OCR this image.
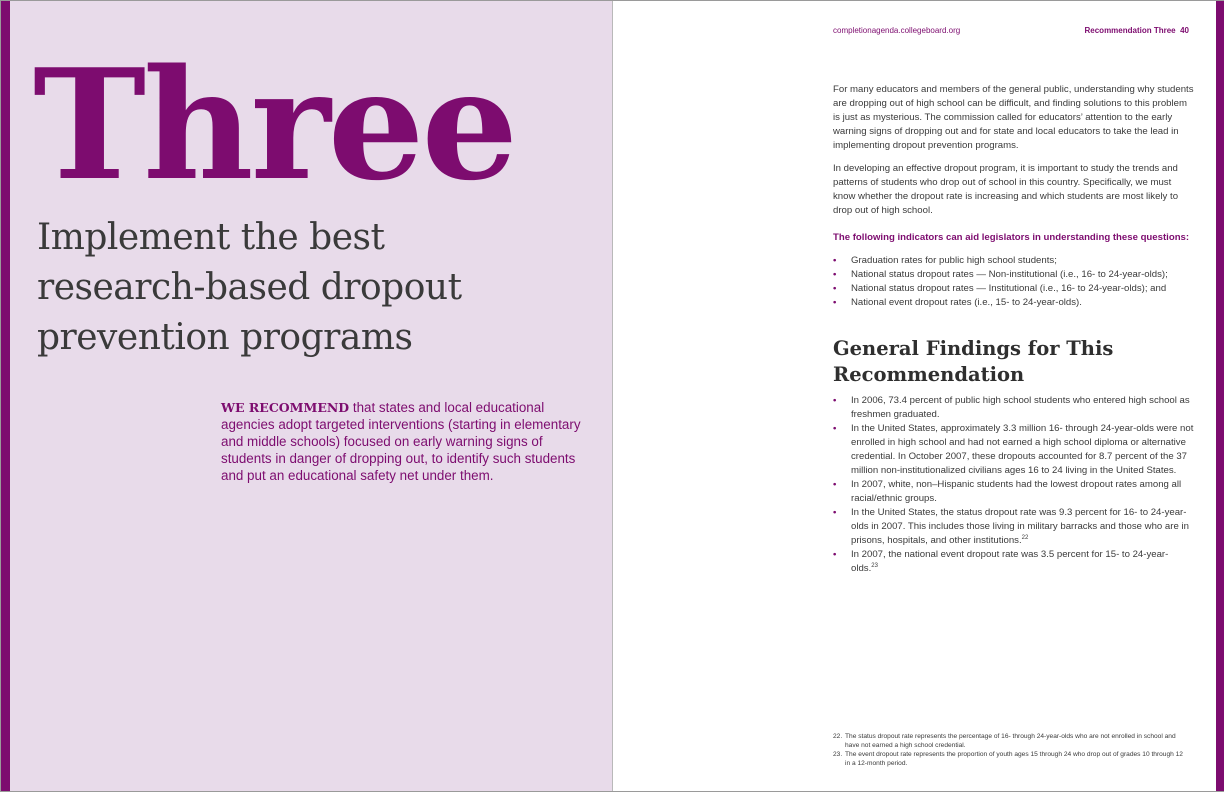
Three
Implement the best research-based dropout prevention programs
WE RECOMMEND that states and local educational agencies adopt targeted interventions (starting in elementary and middle schools) focused on early warning signs of students in danger of dropping out, to identify such students and put an educational safety net under them.
completionagenda.collegeboard.org	Recommendation Three 40

For many educators and members of the general public, understanding why students are dropping out of high school can be difficult, and finding solutions to this problem is just as mysterious. The commission called for educators’ attention to the early warning signs of dropping out and for state and local educators to take the lead in implementing dropout prevention programs.

In developing an effective dropout program, it is important to study the trends and patterns of students who drop out of school in this country. Specifically, we must know whether the dropout rate is increasing and which students are most likely to drop out of high school.

The following indicators can aid legislators in understanding these questions:

• Graduation rates for public high school students;
• National status dropout rates — Non-institutional (i.e., 16- to 24-year-olds);
• National status dropout rates — Institutional (i.e., 16- to 24-year-olds); and
• National event dropout rates (i.e., 15- to 24-year-olds).
General Findings for This Recommendation
• In 2006, 73.4 percent of public high school students who entered high school as freshmen graduated.
• In the United States, approximately 3.3 million 16- through 24-year-olds were not enrolled in high school and had not earned a high school diploma or alternative credential. In October 2007, these dropouts accounted for 8.7 percent of the 37 million non-institutionalized civilians ages 16 to 24 living in the United States.
• In 2007, white, non–Hispanic students had the lowest dropout rates among all racial/ethnic groups.
• In the United States, the status dropout rate was 9.3 percent for 16- to 24-year-olds in 2007. This includes those living in military barracks and those who are in prisons, hospitals, and other institutions.$^{22}$
• In 2007, the national event dropout rate was 3.5 percent for 15- to 24-year-olds.$^{23}$
22. The status dropout rate represents the percentage of 16- through 24-year-olds who are not enrolled in school and have not earned a high school credential.
23. The event dropout rate represents the proportion of youth ages 15 through 24 who drop out of grades 10 through 12 in a 12-month period.
